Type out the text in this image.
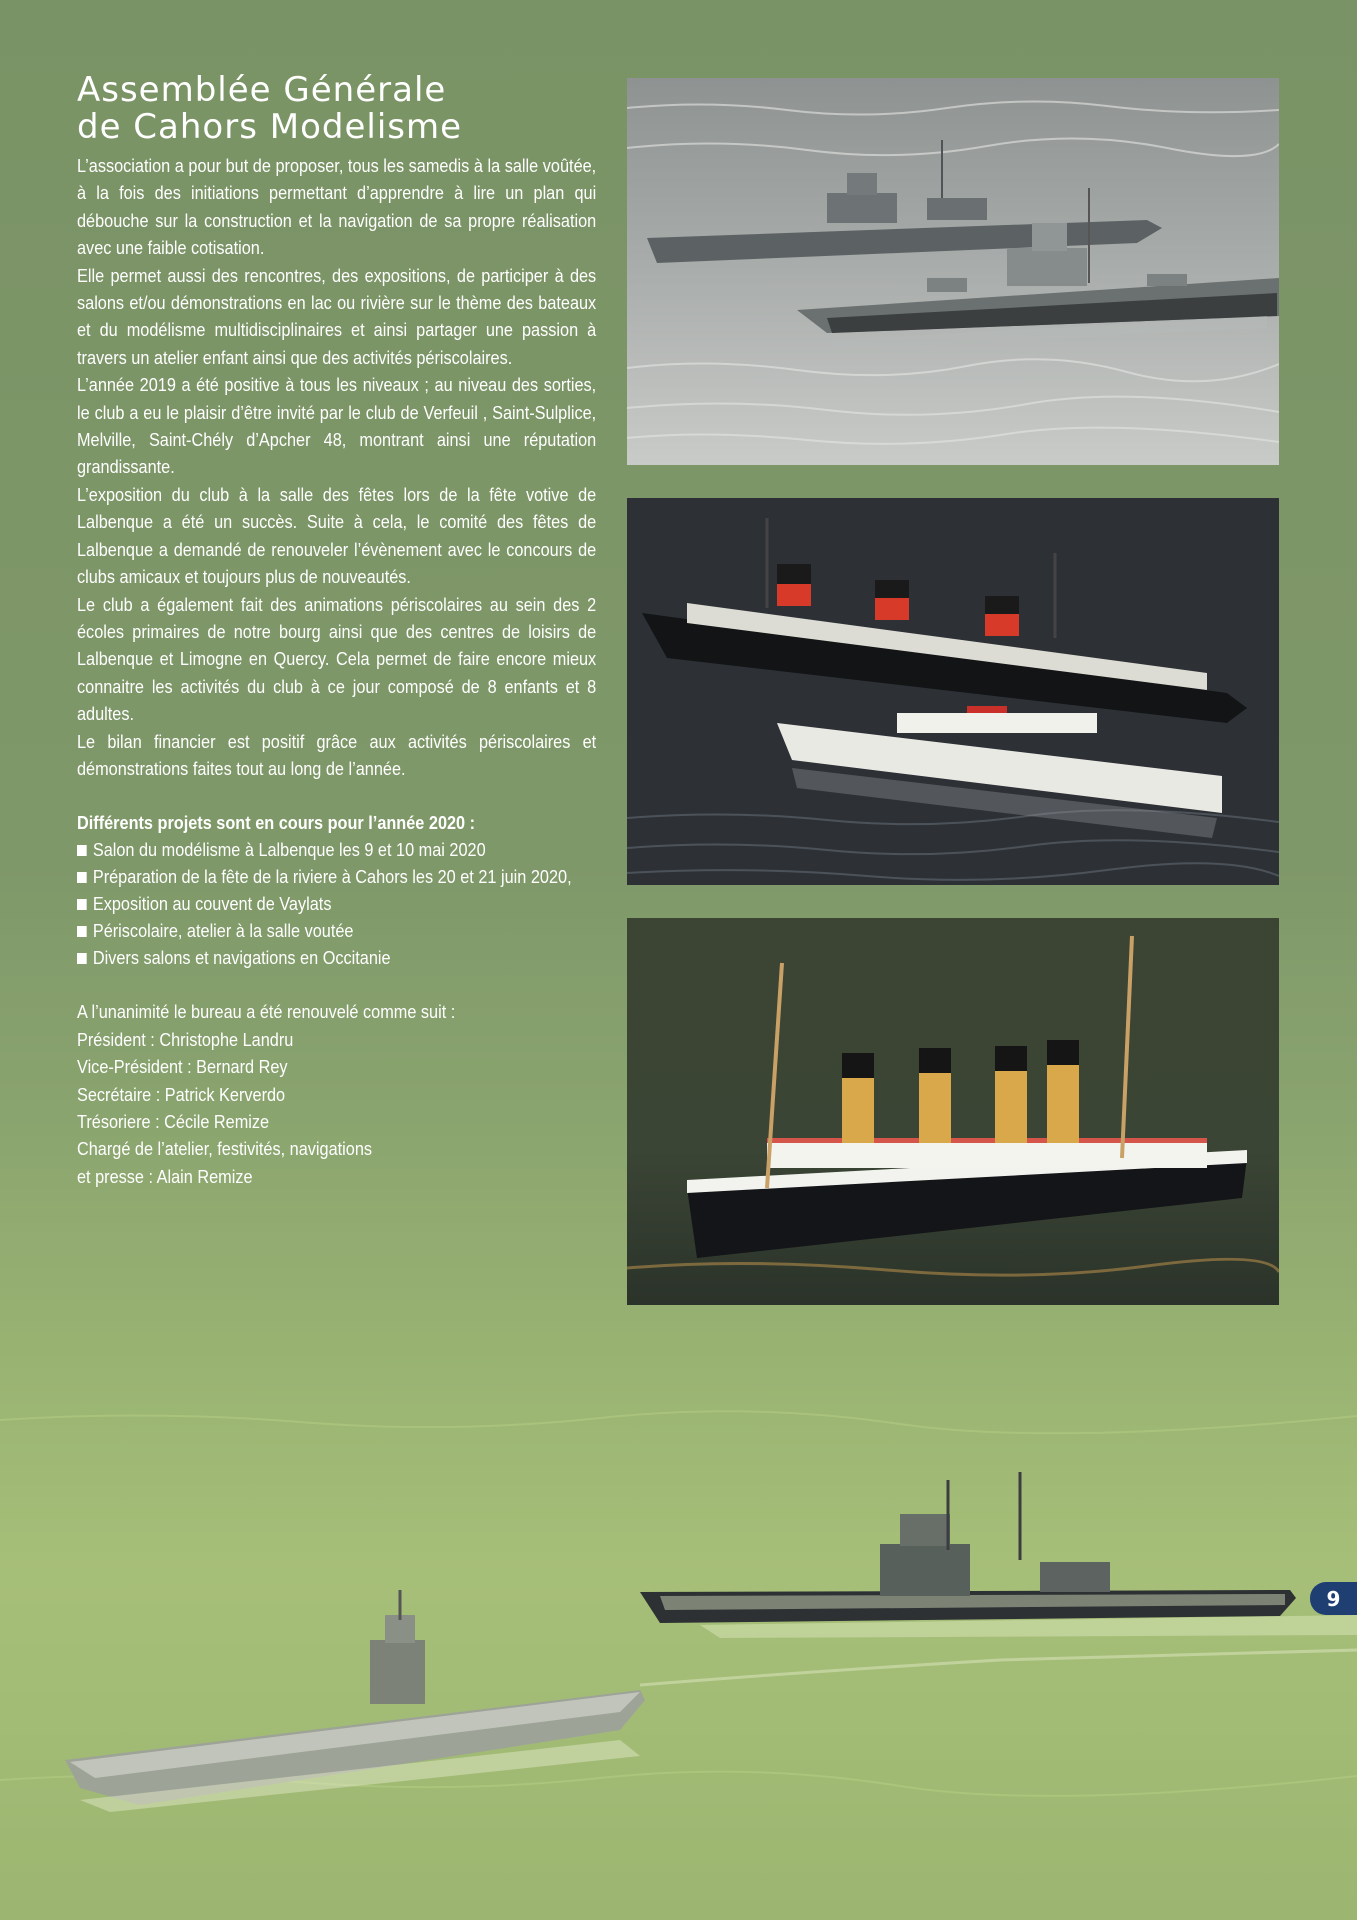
Assemblée Générale
de Cahors Modelisme

L’association a pour but de proposer, tous les samedis à la salle voûtée, à la fois des initiations permettant d’apprendre à lire un plan qui débouche sur la construction et la navigation de sa propre réalisation avec une faible cotisation.

Elle permet aussi des rencontres, des expositions, de participer à des salons et/ou démonstrations en lac ou rivière sur le thème des bateaux et du modélisme multidisciplinaires et ainsi partager une passion à travers un atelier enfant ainsi que des activités périscolaires.

L’année 2019 a été positive à tous les niveaux ; au niveau des sorties, le club a eu le plaisir d’être invité par le club de Verfeuil , Saint-Sulplice, Melville, Saint-Chély d’Apcher 48, montrant ainsi une réputation grandissante.

L’exposition du club à la salle des fêtes lors de la fête votive de Lalbenque a été un succès. Suite à cela, le comité des fêtes de Lalbenque a demandé de renouveler l’évènement avec le concours de clubs amicaux et toujours plus de nouveautés.

Le club a également fait des animations périscolaires au sein des 2 écoles primaires de notre bourg ainsi que des centres de loisirs de Lalbenque et Limogne en Quercy. Cela permet de faire encore mieux connaitre les activités du club à ce jour composé de 8 enfants et 8 adultes.

Le bilan financier est positif grâce aux activités périscolaires et démonstrations faites tout au long de l’année.

Différents projets sont en cours pour l’année 2020 :
Salon du modélisme à Lalbenque les 9 et 10 mai 2020
Préparation de la fête de la riviere à Cahors les 20 et 21 juin 2020,
Exposition au couvent de Vaylats
Périscolaire, atelier à la salle voutée
Divers salons et navigations en Occitanie
A l’unanimité le bureau a été renouvelé comme suit :
Président : Christophe Landru
Vice-Président : Bernard Rey
Secrétaire : Patrick Kerverdo
Trésoriere : Cécile Remize
Chargé de l’atelier, festivités, navigations
et presse : Alain Remize
9
